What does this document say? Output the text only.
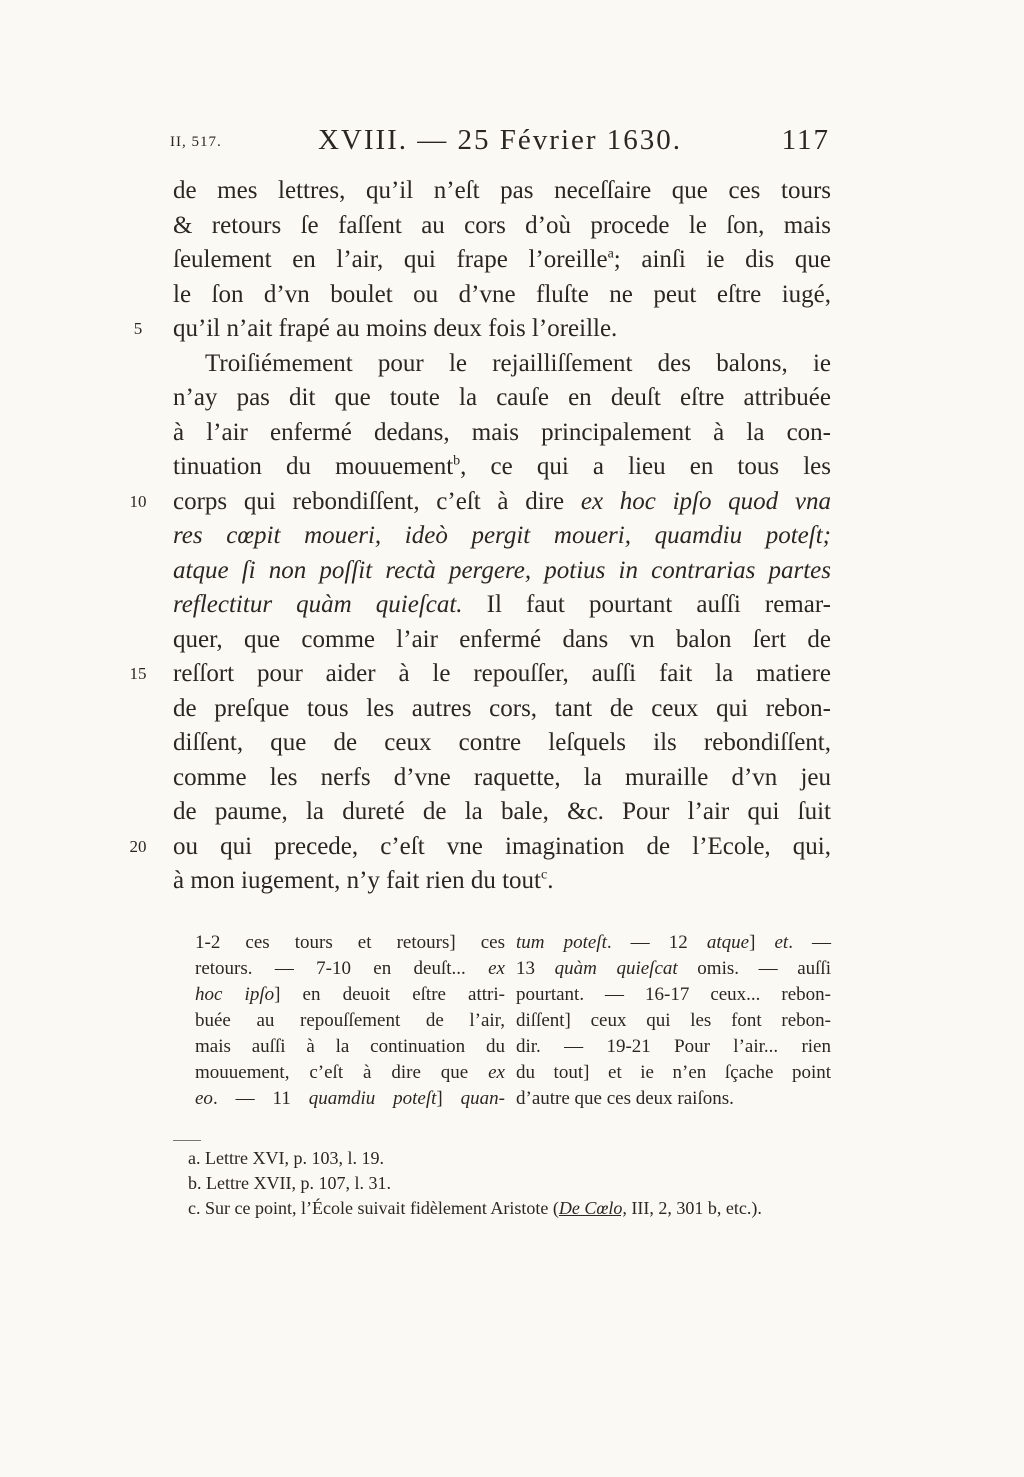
II, 517.	XVIII. — 25 Février 1630.	117
de mes lettres, qu’il n’eſt pas neceſſaire que ces tours
& retours ſe faſſent au cors d’où procede le ſon, mais
ſeulement en l’air, qui frape l’oreille$^a$; ainſi ie dis que
le ſon d’vn boulet ou d’vne fluſte ne peut eſtre iugé,
5	qu’il n’ait frapé au moins deux fois l’oreille.
Troiſiémement pour le rejailliſſement des balons, ie
n’ay pas dit que toute la cauſe en deuſt eſtre attribuée
à l’air enfermé dedans, mais principalement à la con-
tinuation du mouuement$^b$, ce qui a lieu en tous les
10 corps qui rebondiſſent, c’eſt à dire ex hoc ipſo quod vna
res cœpit moueri, ideò pergit moueri, quamdiu poteſt;
atque ſi non poſſit rectà pergere, potius in contrarias partes
reflectitur quàm quieſcat. Il faut pourtant auſſi remar-
quer, que comme l’air enfermé dans vn balon ſert de
15 reſſort pour aider à le repouſſer, auſſi fait la matiere
de preſque tous les autres cors, tant de ceux qui rebon-
diſſent, que de ceux contre leſquels ils rebondiſſent,
comme les nerfs d’vne raquette, la muraille d’vn jeu
de paume, la dureté de la bale, &c. Pour l’air qui ſuit
20 ou qui precede, c’eſt vne imagination de l’Ecole, qui,
à mon iugement, n’y fait rien du tout$^c$.
1-2 ces tours et retours] ces
retours. — 7-10 en deuſt... ex
hoc ipſo] en deuoit eſtre attri-
buée au repouſſement de l’air,
mais auſſi à la continuation du
mouuement, c’eſt à dire que ex
eo. — 11 quamdiu poteſt] quan-
tum poteſt. — 12 atque] et. —
13 quàm quieſcat omis. — auſſi
pourtant. — 16-17 ceux... rebon-
diſſent] ceux qui les font rebon-
dir. — 19-21 Pour l’air... rien
du tout] et ie n’en ſçache point
d’autre que ces deux raiſons.
a. Lettre XVI, p. 103, l. 19.
b. Lettre XVII, p. 107, l. 31.
c. Sur ce point, l’École suivait fidèlement Aristote (De Cœlo, III, 2, 301 b, etc.).
